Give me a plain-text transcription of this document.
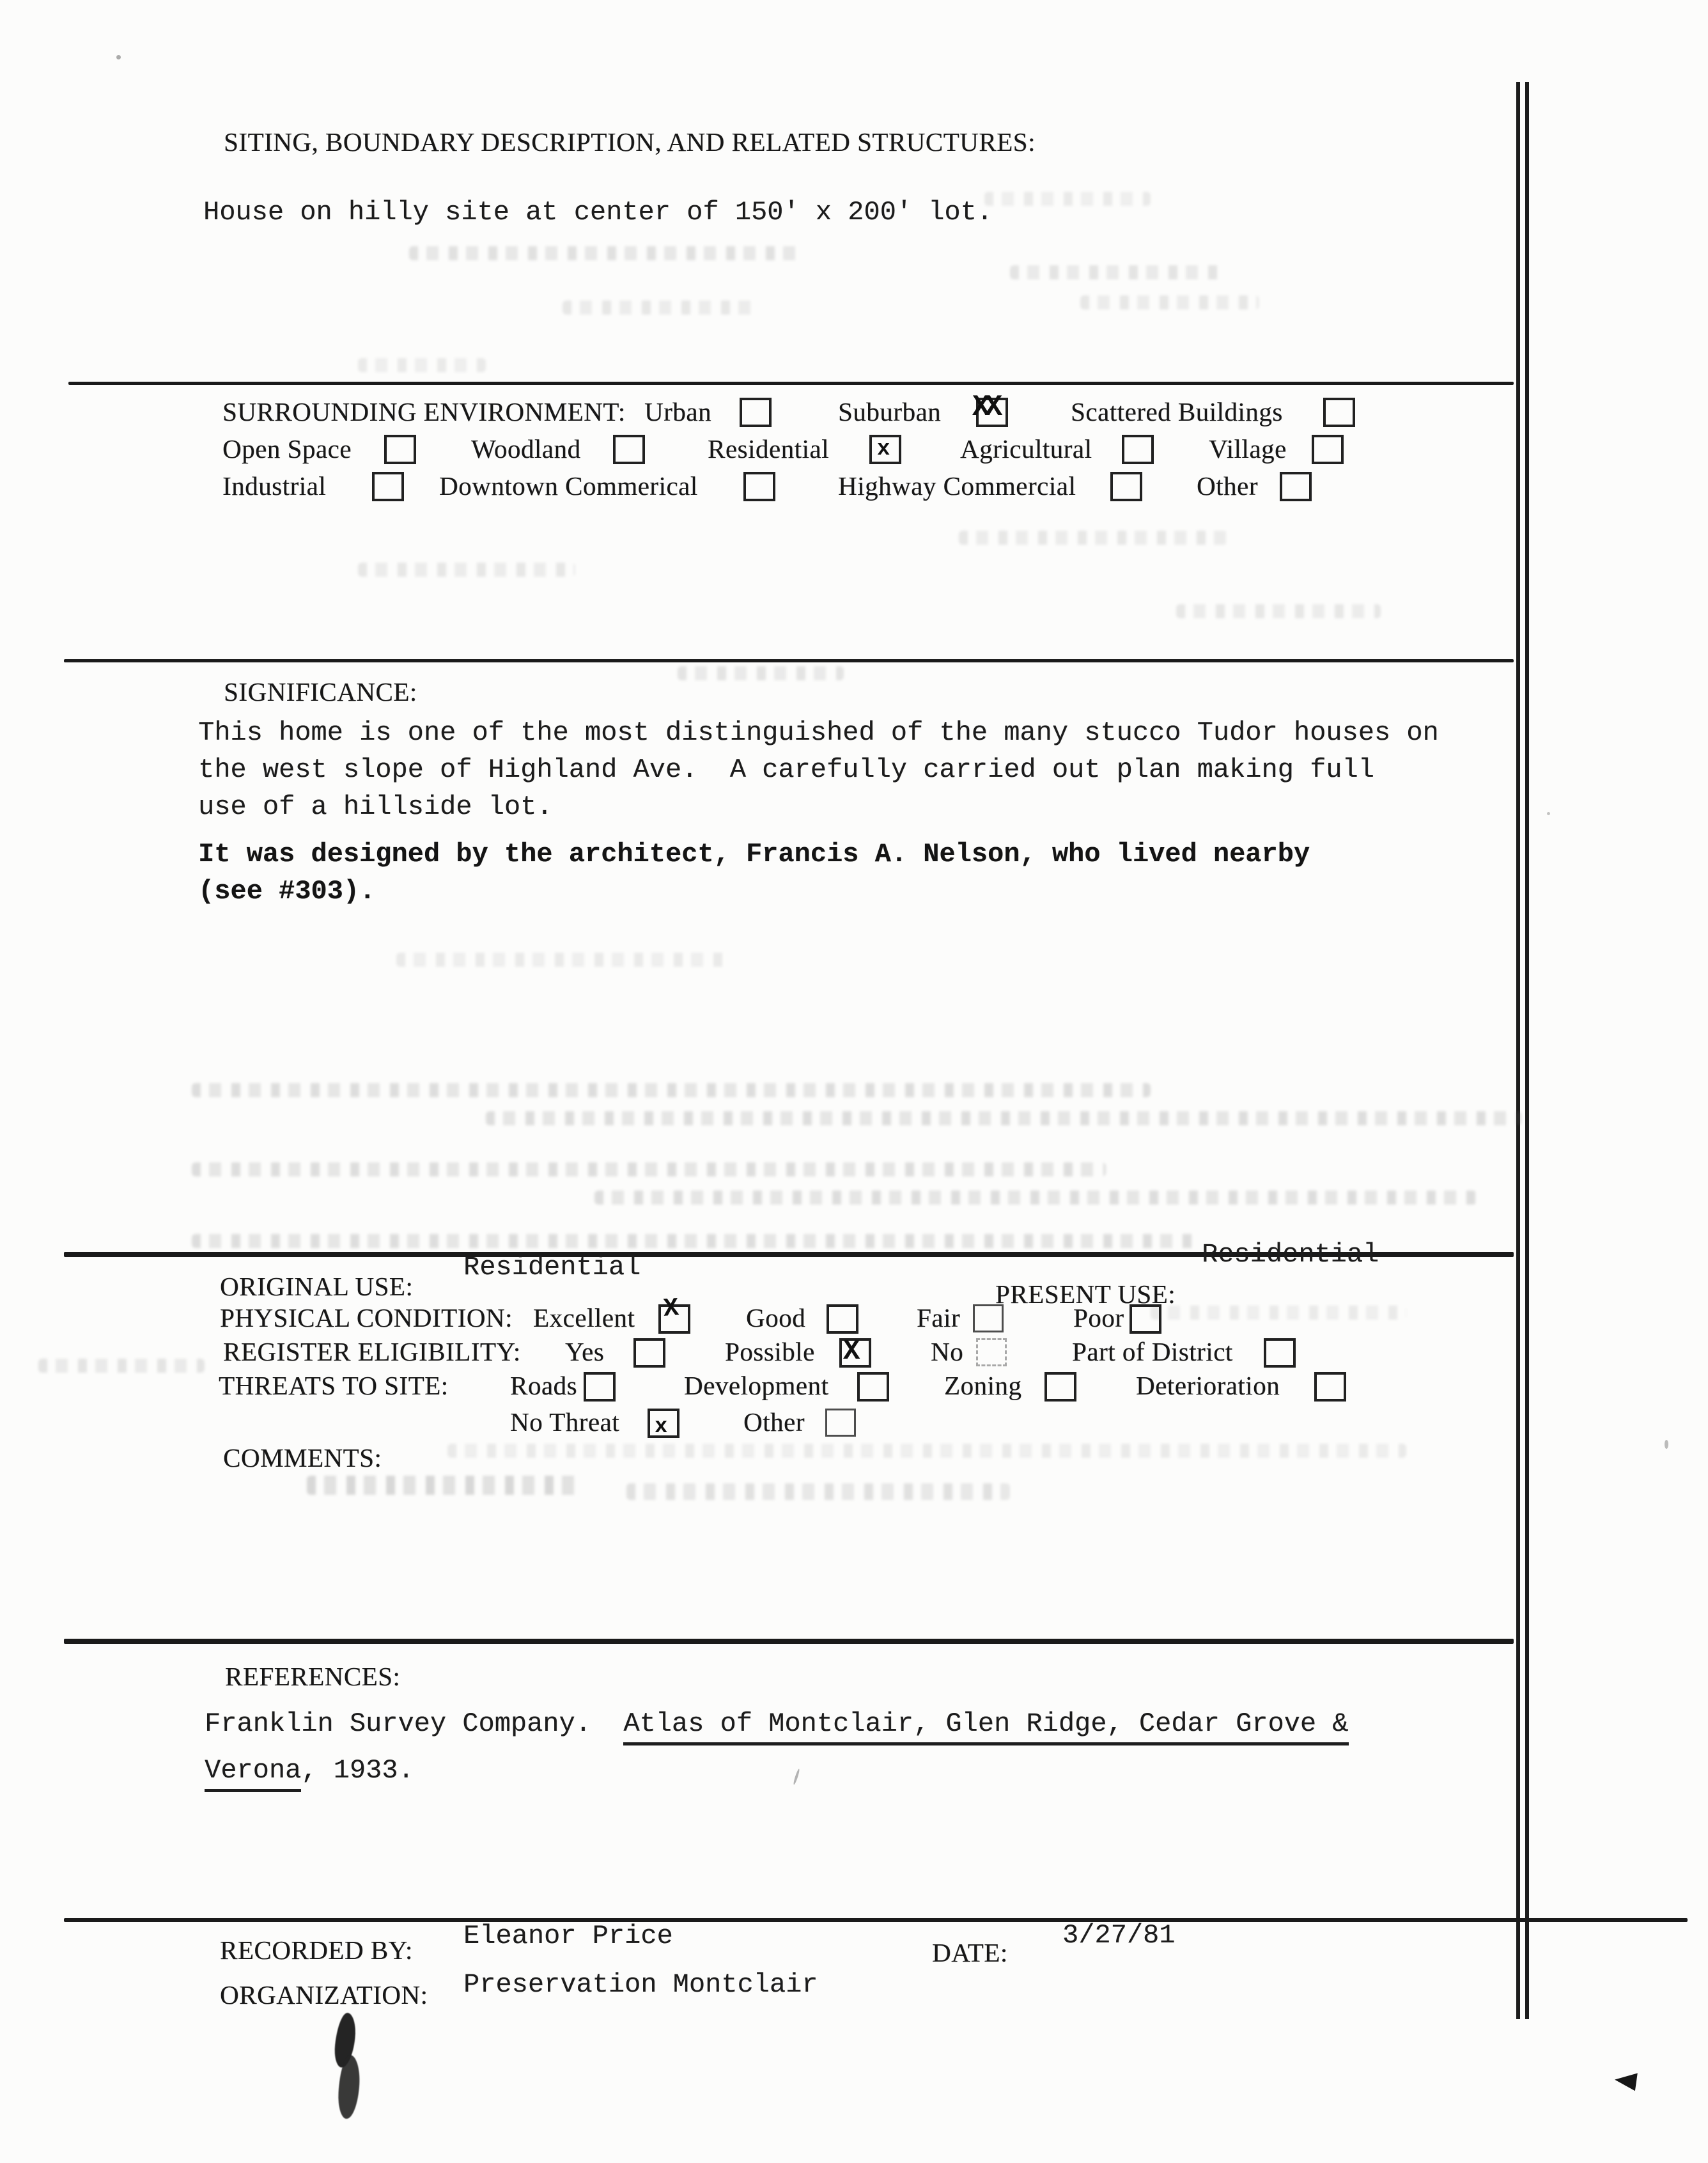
SITING, BOUNDARY DESCRIPTION, AND RELATED STRUCTURES:
House on hilly site at center of 150' x 200' lot.
SURROUNDING ENVIRONMENT: Urban	Suburban XX	Scattered Buildings
Open Space	Woodland	Residential x	Agricultural	Village
Industrial	Downtown Commerical	Highway Commercial	Other
SIGNIFICANCE:
This home is one of the most distinguished of the many stucco Tudor houses on
the west slope of Highland Ave.  A carefully carried out plan making full
use of a hillside lot.
It was designed by the architect, Francis A. Nelson, who lived nearby
(see #303).
ORIGINAL USE:
Residential
PRESENT USE:
Residential
PHYSICAL CONDITION: Excellent X	Good	Fair	Poor
REGISTER ELIGIBILITY: Yes	Possible X	No	Part of District
THREATS TO SITE: Roads	Development	Zoning	Deterioration
No Threat x	Other
COMMENTS:
REFERENCES:
Franklin Survey Company.  Atlas of Montclair, Glen Ridge, Cedar Grove &
Verona, 1933.
RECORDED BY: Eleanor Price
DATE:
3/27/81
ORGANIZATION: Preservation Montclair
